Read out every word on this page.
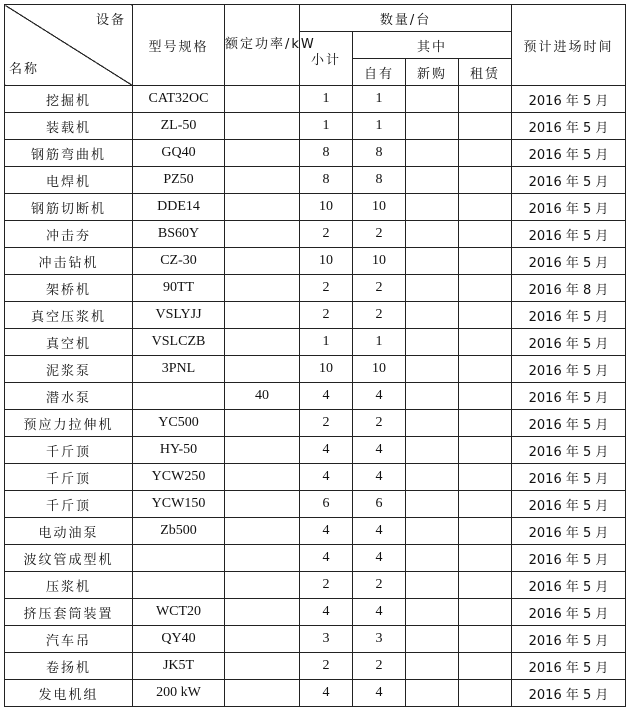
设备
名称	型号规格	额定功率/kW	数量/台				预计进场时间
			小计	其中			
				自有	新购	租赁	
挖掘机	CAT32OC		1	1			2016 年 5 月
装载机	ZL-50		1	1			2016 年 5 月
钢筋弯曲机	GQ40		8	8			2016 年 5 月
电焊机	PZ50		8	8			2016 年 5 月
钢筋切断机	DDE14		10	10			2016 年 5 月
冲击夯	BS60Y		2	2			2016 年 5 月
冲击钻机	CZ-30		10	10			2016 年 5 月
架桥机	90TT		2	2			2016 年 8 月
真空压浆机	VSLYJJ		2	2			2016 年 5 月
真空机	VSLCZB		1	1			2016 年 5 月
泥浆泵	3PNL		10	10			2016 年 5 月
潜水泵		40	4	4			2016 年 5 月
预应力拉伸机	YC500		2	2			2016 年 5 月
千斤顶	HY-50		4	4			2016 年 5 月
千斤顶	YCW250		4	4			2016 年 5 月
千斤顶	YCW150		6	6			2016 年 5 月
电动油泵	Zb500		4	4			2016 年 5 月
波纹管成型机			4	4			2016 年 5 月
压浆机			2	2			2016 年 5 月
挤压套筒装置	WCT20		4	4			2016 年 5 月
汽车吊	QY40		3	3			2016 年 5 月
卷扬机	JK5T		2	2			2016 年 5 月
发电机组	200 kW		4	4			2016 年 5 月
